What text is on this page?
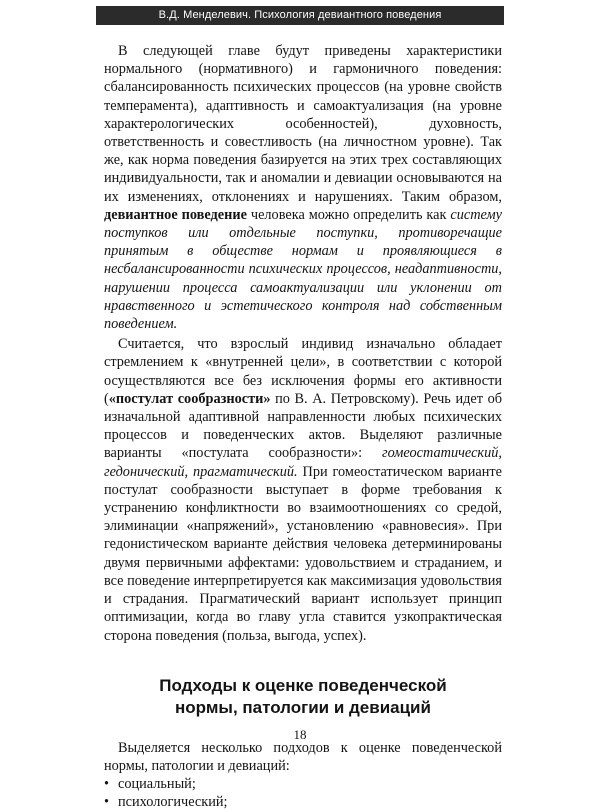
В.Д. Менделевич. Психология девиантного поведения

В следующей главе будут приведены характеристики нормального (нормативного) и гармоничного поведения: сбалансированность психических процессов (на уровне свойств темперамента), адаптивность и самоактуализация (на уровне характерологических особенностей), духовность, ответственность и совестливость (на личностном уровне). Так же, как норма поведения базируется на этих трех составляющих индивидуальности, так и аномалии и девиации основываются на их изменениях, отклонениях и нарушениях. Таким образом, девиантное поведение человека можно определить как систему поступков или отдельные поступки, противоречащие принятым в обществе нормам и проявляющиеся в несбалансированности психических процессов, неадаптивности, нарушении процесса самоактуализации или уклонении от нравственного и эстетического контроля над собственным поведением.

Считается, что взрослый индивид изначально обладает стремлением к «внутренней цели», в соответствии с которой осуществляются все без исключения формы его активности («постулат сообразности» по В. А. Петровскому). Речь идет об изначальной адаптивной направленности любых психических процессов и поведенческих актов. Выделяют различные варианты «постулата сообразности»: гомеостатический, гедонический, прагматический. При гомеостатическом варианте постулат сообразности выступает в форме требования к устранению конфликтности во взаимоотношениях со средой, элиминации «напряжений», установлению «равновесия». При гедонистическом варианте действия человека детерминированы двумя первичными аффектами: удовольствием и страданием, и все поведение интерпретируется как максимизация удовольствия и страдания. Прагматический вариант использует принцип оптимизации, когда во главу угла ставится узкопрактическая сторона поведения (польза, выгода, успех).

Подходы к оценке поведенческой
нормы, патологии и девиаций

Выделяется несколько подходов к оценке поведенческой нормы, патологии и девиаций:

• социальный;
• психологический;
18
